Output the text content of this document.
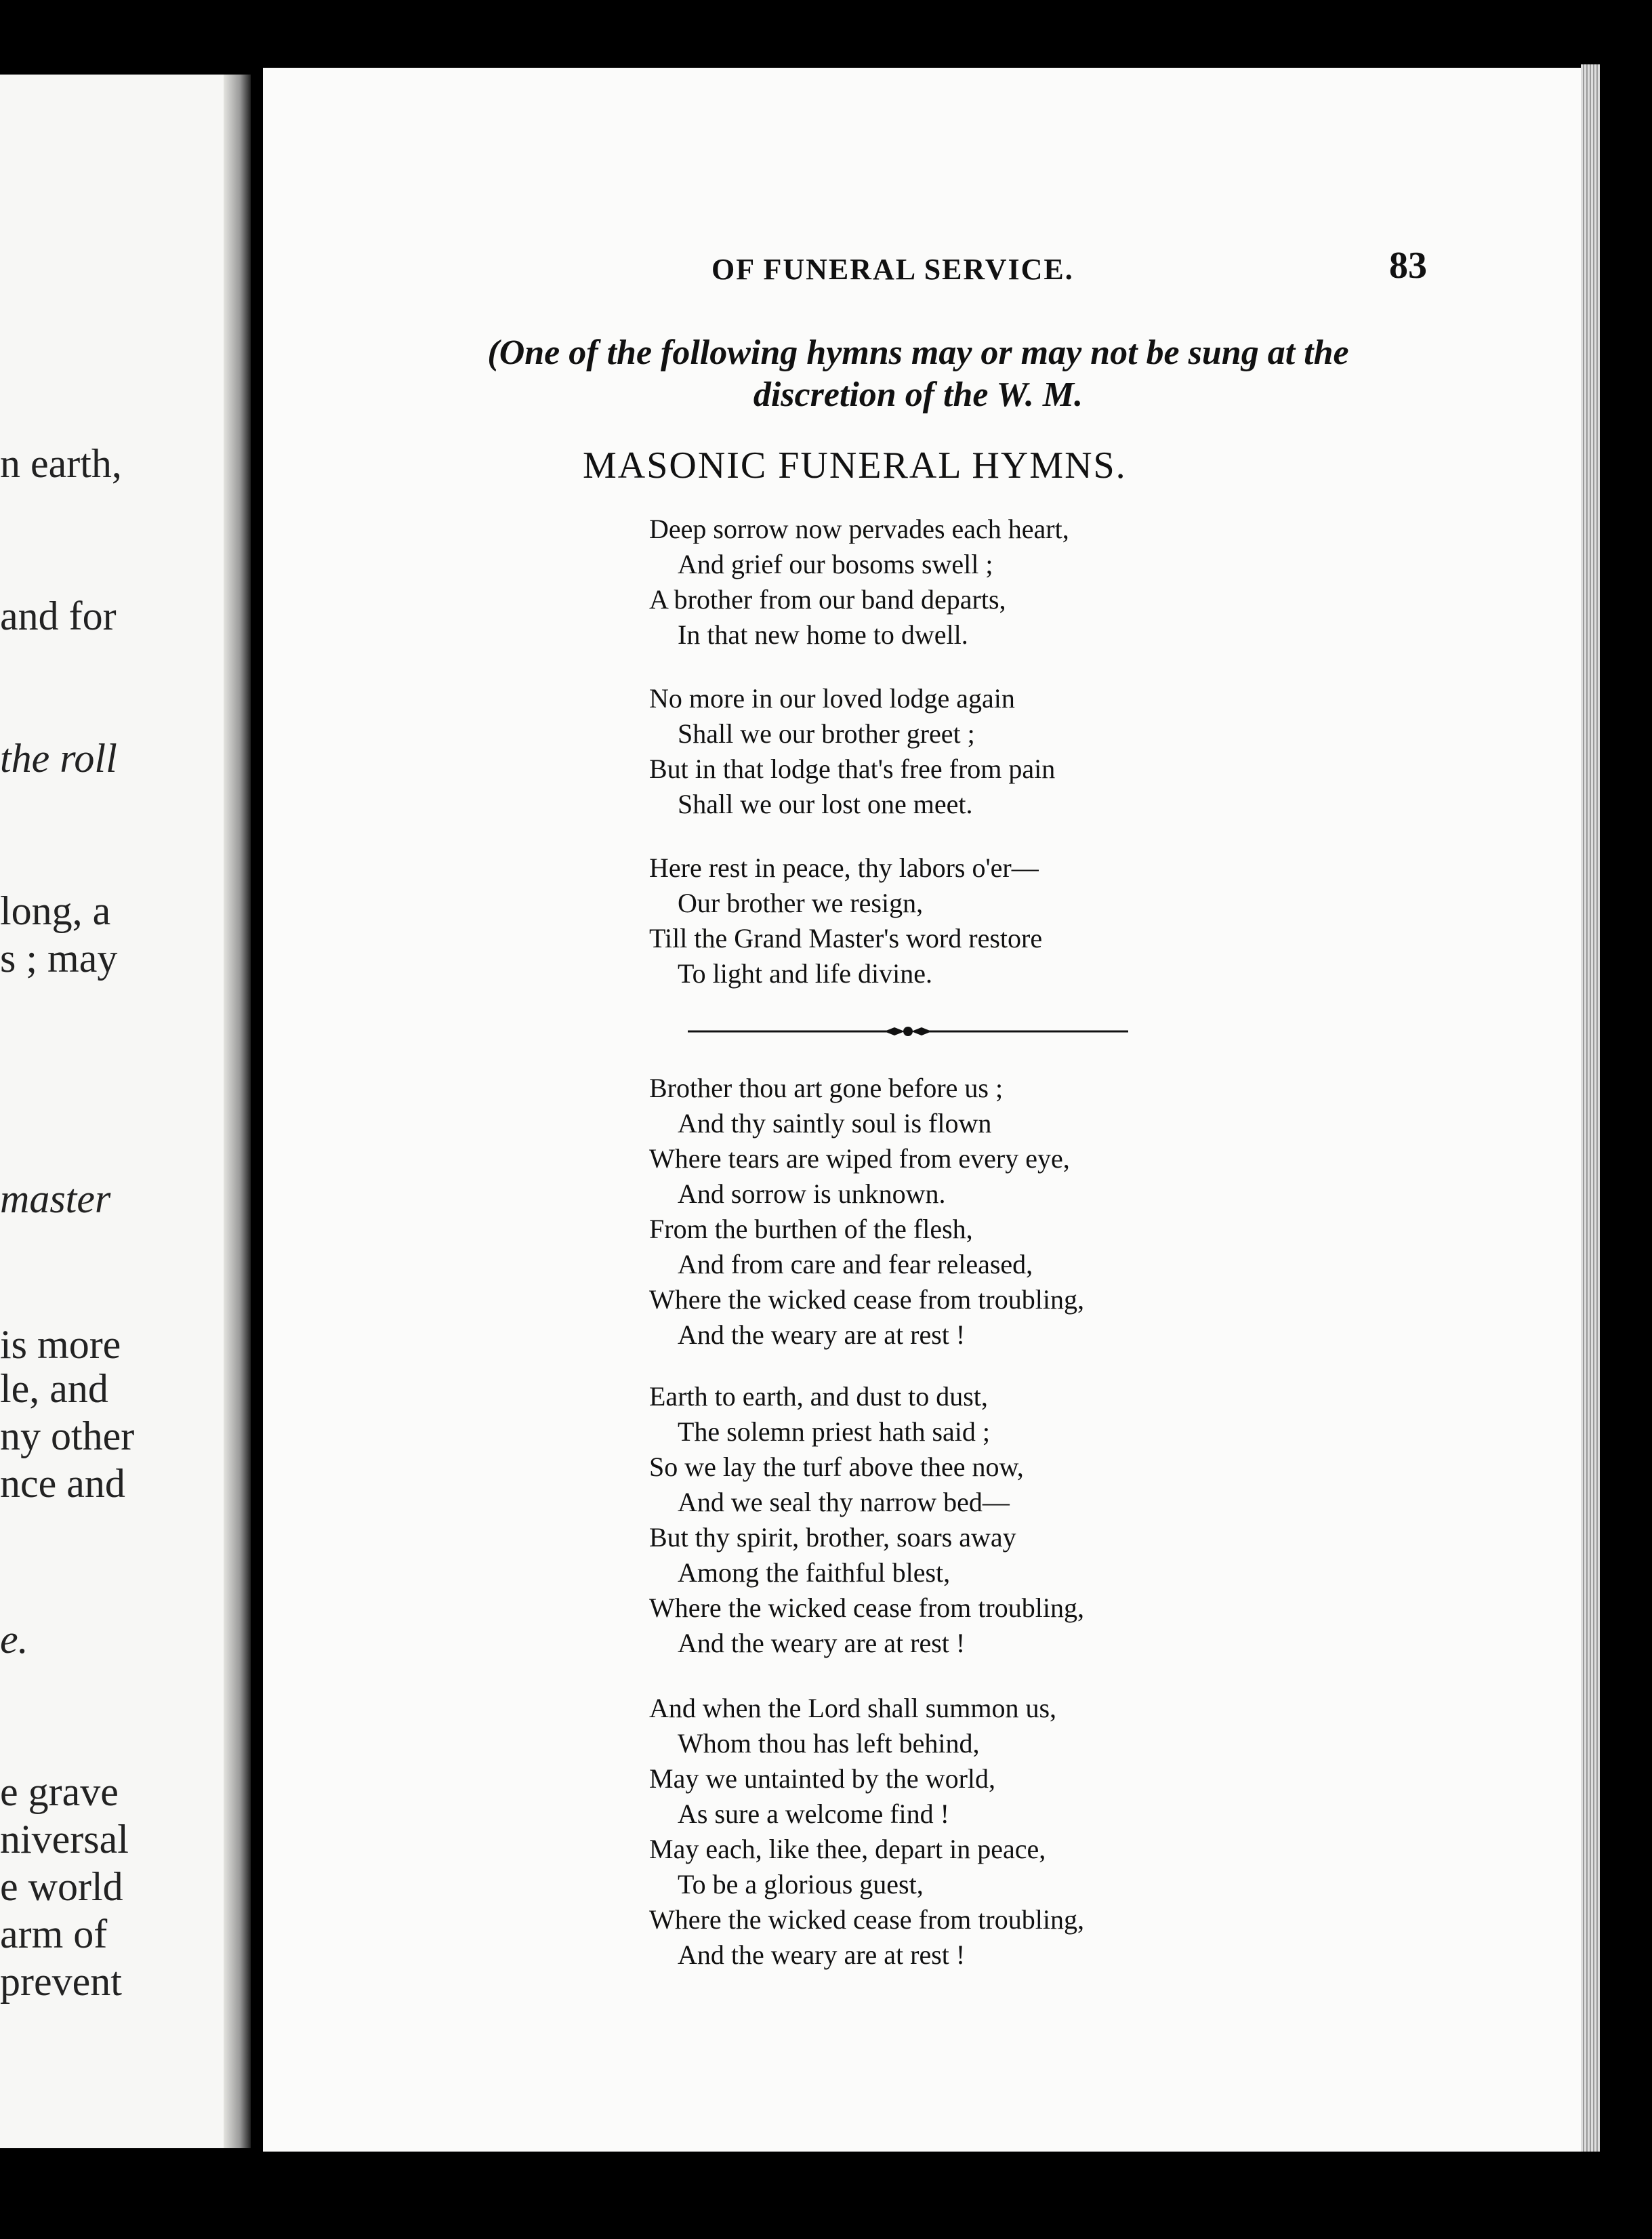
n earth,
and for
the roll
long, a
s ; may
master
is more
le, and
ny other
nce and
e.
e grave
niversal
e world
arm of
prevent
OF FUNERAL SERVICE.	83
(One of the following hymns may or may not be sung at the
discretion of the W. M.
MASONIC FUNERAL HYMNS.
Deep sorrow now pervades each heart,
And grief our bosoms swell ;
A brother from our band departs,
In that new home to dwell.
No more in our loved lodge again
Shall we our brother greet ;
But in that lodge that's free from pain
Shall we our lost one meet.
Here rest in peace, thy labors o'er—
Our brother we resign,
Till the Grand Master's word restore
To light and life divine.
Brother thou art gone before us ;
And thy saintly soul is flown
Where tears are wiped from every eye,
And sorrow is unknown.
From the burthen of the flesh,
And from care and fear released,
Where the wicked cease from troubling,
And the weary are at rest !
Earth to earth, and dust to dust,
The solemn priest hath said ;
So we lay the turf above thee now,
And we seal thy narrow bed—
But thy spirit, brother, soars away
Among the faithful blest,
Where the wicked cease from troubling,
And the weary are at rest !
And when the Lord shall summon us,
Whom thou has left behind,
May we untainted by the world,
As sure a welcome find !
May each, like thee, depart in peace,
To be a glorious guest,
Where the wicked cease from troubling,
And the weary are at rest !
